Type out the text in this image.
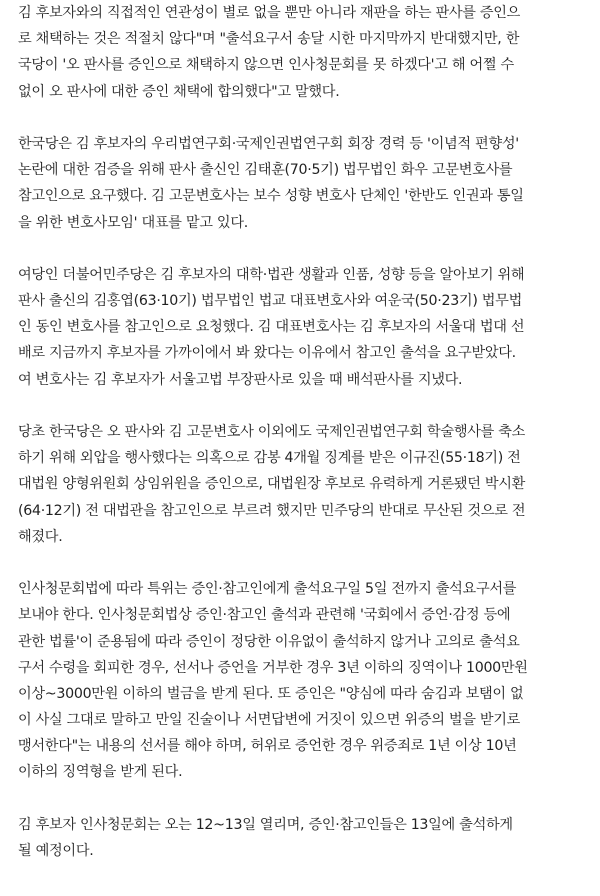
김 후보자와의 직접적인 연관성이 별로 없을 뿐만 아니라 재판을 하는 판사를 증인으
로 채택하는 것은 적절치 않다"며 "출석요구서 송달 시한 마지막까지 반대했지만, 한
국당이 '오 판사를 증인으로 채택하지 않으면 인사청문회를 못 하겠다'고 해 어쩔 수
없이 오 판사에 대한 증인 채택에 합의했다"고 말했다.

한국당은 김 후보자의 우리법연구회·국제인권법연구회 회장 경력 등 '이념적 편향성'
논란에 대한 검증을 위해 판사 출신인 김태훈(70·5기) 법무법인 화우 고문변호사를
참고인으로 요구했다. 김 고문변호사는 보수 성향 변호사 단체인 '한반도 인권과 통일
을 위한 변호사모임' 대표를 맡고 있다.

여당인 더불어민주당은 김 후보자의 대학·법관 생활과 인품, 성향 등을 알아보기 위해
판사 출신의 김홍엽(63·10기) 법무법인 법교 대표변호사와 여운국(50·23기) 법무법
인 동인 변호사를 참고인으로 요청했다. 김 대표변호사는 김 후보자의 서울대 법대 선
배로 지금까지 후보자를 가까이에서 봐 왔다는 이유에서 참고인 출석을 요구받았다.
여 변호사는 김 후보자가 서울고법 부장판사로 있을 때 배석판사를 지냈다.

당초 한국당은 오 판사와 김 고문변호사 이외에도 국제인권법연구회 학술행사를 축소
하기 위해 외압을 행사했다는 의혹으로 감봉 4개월 징계를 받은 이규진(55·18기) 전
대법원 양형위원회 상임위원을 증인으로, 대법원장 후보로 유력하게 거론됐던 박시환
(64·12기) 전 대법관을 참고인으로 부르려 했지만 민주당의 반대로 무산된 것으로 전
해졌다.

인사청문회법에 따라 특위는 증인·참고인에게 출석요구일 5일 전까지 출석요구서를
보내야 한다. 인사청문회법상 증인·참고인 출석과 관련해 '국회에서 증언·감정 등에
관한 법률'이 준용됨에 따라 증인이 정당한 이유없이 출석하지 않거나 고의로 출석요
구서 수령을 회피한 경우, 선서나 증언을 거부한 경우 3년 이하의 징역이나 1000만원
이상~3000만원 이하의 벌금을 받게 된다. 또 증인은 "양심에 따라 숨김과 보탬이 없
이 사실 그대로 말하고 만일 진술이나 서면답변에 거짓이 있으면 위증의 벌을 받기로
맹서한다"는 내용의 선서를 해야 하며, 허위로 증언한 경우 위증죄로 1년 이상 10년
이하의 징역형을 받게 된다.

김 후보자 인사청문회는 오는 12~13일 열리며, 증인·참고인들은 13일에 출석하게
될 예정이다.
